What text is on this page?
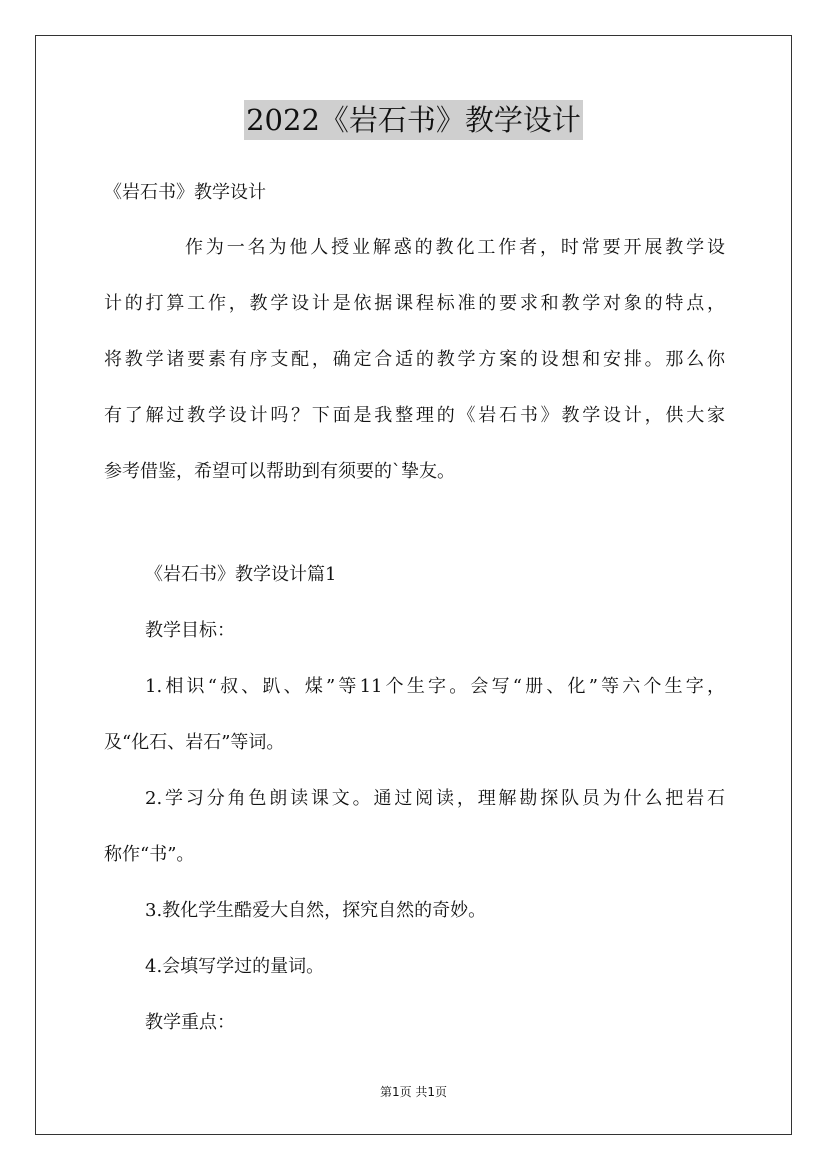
2022《岩石书》教学设计
《岩石书》教学设计
作为一名为他人授业解惑的教化工作者，时常要开展教学设
计的打算工作，教学设计是依据课程标准的要求和教学对象的特点，
将教学诸要素有序支配，确定合适的教学方案的设想和安排。那么你
有了解过教学设计吗？下面是我整理的《岩石书》教学设计，供大家
参考借鉴，希望可以帮助到有须要的`挚友。
《岩石书》教学设计篇1
教学目标：
1.相识“叔、趴、煤”等11个生字。会写“册、化”等六个生字，
及“化石、岩石”等词。
2.学习分角色朗读课文。通过阅读，理解勘探队员为什么把岩石
称作“书”。
3.教化学生酷爱大自然，探究自然的奇妙。
4.会填写学过的量词。
教学重点：
第1页 共1页
